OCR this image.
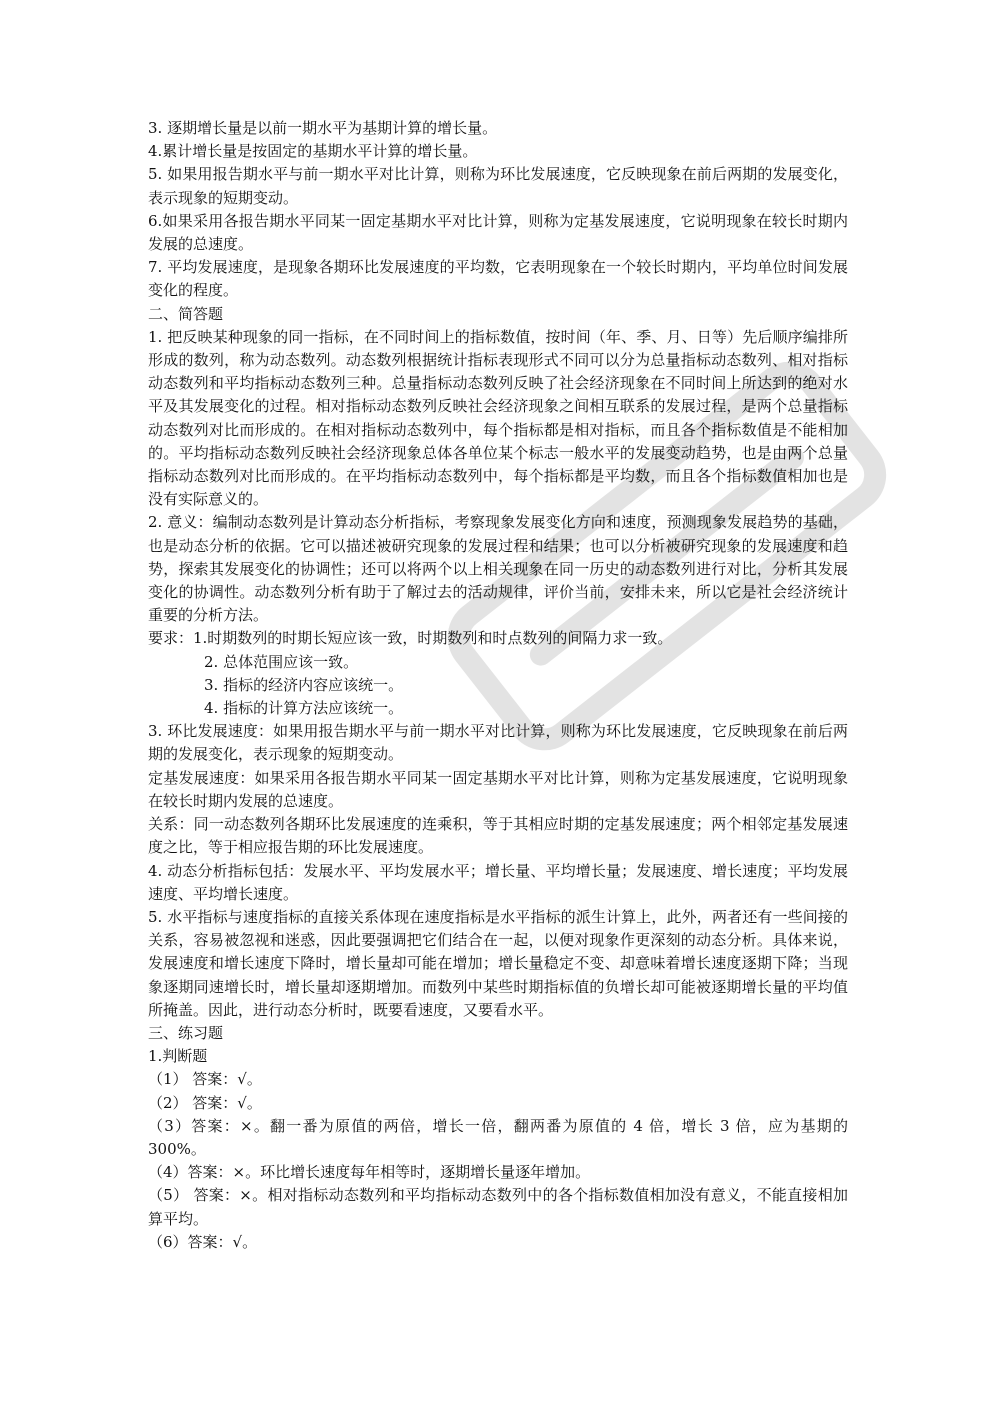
3. 逐期增长量是以前一期水平为基期计算的增长量。

4.累计增长量是按固定的基期水平计算的增长量。

5. 如果用报告期水平与前一期水平对比计算，则称为环比发展速度，它反映现象在前后两期的发展变化，表示现象的短期变动。

6.如果采用各报告期水平同某一固定基期水平对比计算，则称为定基发展速度，它说明现象在较长时期内发展的总速度。

7. 平均发展速度，是现象各期环比发展速度的平均数，它表明现象在一个较长时期内，平均单位时间发展变化的程度。

二、简答题

1. 把反映某种现象的同一指标，在不同时间上的指标数值，按时间（年、季、月、日等）先后顺序编排所形成的数列，称为动态数列。动态数列根据统计指标表现形式不同可以分为总量指标动态数列、相对指标动态数列和平均指标动态数列三种。总量指标动态数列反映了社会经济现象在不同时间上所达到的绝对水平及其发展变化的过程。相对指标动态数列反映社会经济现象之间相互联系的发展过程，是两个总量指标动态数列对比而形成的。在相对指标动态数列中，每个指标都是相对指标，而且各个指标数值是不能相加的。平均指标动态数列反映社会经济现象总体各单位某个标志一般水平的发展变动趋势，也是由两个总量指标动态数列对比而形成的。在平均指标动态数列中，每个指标都是平均数，而且各个指标数值相加也是没有实际意义的。

2. 意义：编制动态数列是计算动态分析指标，考察现象发展变化方向和速度，预测现象发展趋势的基础，也是动态分析的依据。它可以描述被研究现象的发展过程和结果；也可以分析被研究现象的发展速度和趋势，探索其发展变化的协调性；还可以将两个以上相关现象在同一历史的动态数列进行对比，分析其发展变化的协调性。动态数列分析有助于了解过去的活动规律，评价当前，安排未来，所以它是社会经济统计重要的分析方法。

要求：1.时期数列的时期长短应该一致，时期数列和时点数列的间隔力求一致。

2. 总体范围应该一致。

3. 指标的经济内容应该统一。

4. 指标的计算方法应该统一。

3. 环比发展速度：如果用报告期水平与前一期水平对比计算，则称为环比发展速度，它反映现象在前后两期的发展变化，表示现象的短期变动。

定基发展速度：如果采用各报告期水平同某一固定基期水平对比计算，则称为定基发展速度，它说明现象在较长时期内发展的总速度。

关系：同一动态数列各期环比发展速度的连乘积，等于其相应时期的定基发展速度；两个相邻定基发展速度之比，等于相应报告期的环比发展速度。

4. 动态分析指标包括：发展水平、平均发展水平；增长量、平均增长量；发展速度、增长速度；平均发展速度、平均增长速度。

5. 水平指标与速度指标的直接关系体现在速度指标是水平指标的派生计算上，此外，两者还有一些间接的关系，容易被忽视和迷惑，因此要强调把它们结合在一起，以便对现象作更深刻的动态分析。具体来说，发展速度和增长速度下降时，增长量却可能在增加；增长量稳定不变、却意味着增长速度逐期下降；当现象逐期同速增长时，增长量却逐期增加。而数列中某些时期指标值的负增长却可能被逐期增长量的平均值所掩盖。因此，进行动态分析时，既要看速度，又要看水平。

三、练习题

1.判断题

（1） 答案：√。

（2） 答案：√。

（3）答案：×。翻一番为原值的两倍，增长一倍，翻两番为原值的 4 倍，增长 3 倍，应为基期的 300%。

（4）答案：×。环比增长速度每年相等时，逐期增长量逐年增加。

（5） 答案：×。相对指标动态数列和平均指标动态数列中的各个指标数值相加没有意义，不能直接相加算平均。

（6）答案：√。
